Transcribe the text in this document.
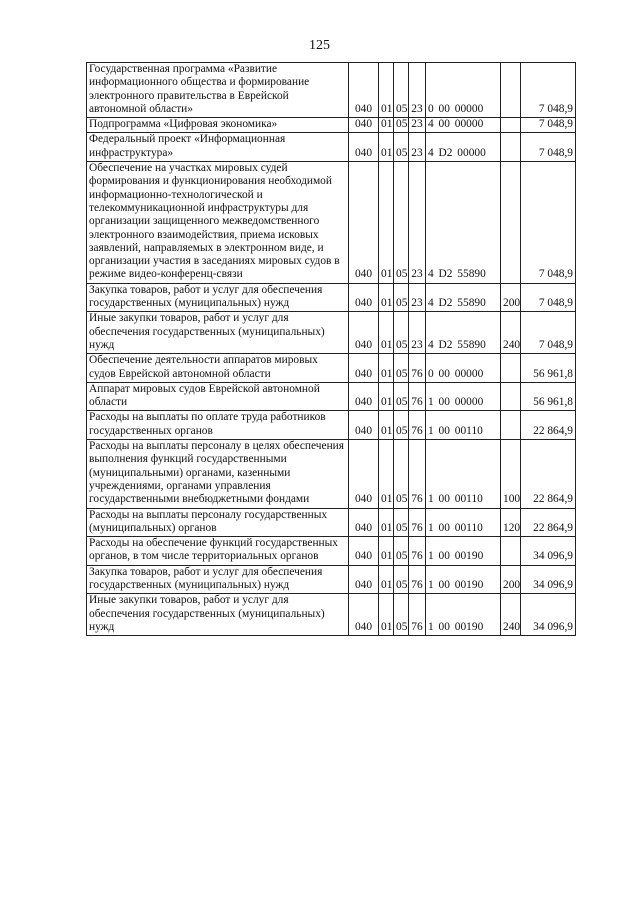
125
Государственная программа «Развитие информационного общества и формирование электронного правительства в Еврейской автономной области»	040	01	05	23	0 00 00000		7 048,9
Подпрограмма «Цифровая экономика»	040	01	05	23	4 00 00000		7 048,9
Федеральный проект «Информационная инфраструктура»	040	01	05	23	4 D2 00000		7 048,9
Обеспечение на участках мировых судей формирования и функционирования необходимой информационно-технологической и телекоммуникационной инфраструктуры для организации защищенного межведомственного электронного взаимодействия, приема исковых заявлений, направляемых в электронном виде, и организации участия в заседаниях мировых судов в режиме видео-конференц-связи	040	01	05	23	4 D2 55890		7 048,9
Закупка товаров, работ и услуг для обеспечения государственных (муниципальных) нужд	040	01	05	23	4 D2 55890	200	7 048,9
Иные закупки товаров, работ и услуг для обеспечения государственных (муниципальных) нужд	040	01	05	23	4 D2 55890	240	7 048,9
Обеспечение деятельности аппаратов мировых судов Еврейской автономной области	040	01	05	76	0 00 00000		56 961,8
Аппарат мировых судов Еврейской автономной области	040	01	05	76	1 00 00000		56 961,8
Расходы на выплаты по оплате труда работников государственных органов	040	01	05	76	1 00 00110		22 864,9
Расходы на выплаты персоналу в целях обеспечения выполнения функций государственными (муниципальными) органами, казенными учреждениями, органами управления государственными внебюджетными фондами	040	01	05	76	1 00 00110	100	22 864,9
Расходы на выплаты персоналу государственных (муниципальных) органов	040	01	05	76	1 00 00110	120	22 864,9
Расходы на обеспечение функций государственных органов, в том числе территориальных органов	040	01	05	76	1 00 00190		34 096,9
Закупка товаров, работ и услуг для обеспечения государственных (муниципальных) нужд	040	01	05	76	1 00 00190	200	34 096,9
Иные закупки товаров, работ и услуг для обеспечения государственных (муниципальных) нужд	040	01	05	76	1 00 00190	240	34 096,9
